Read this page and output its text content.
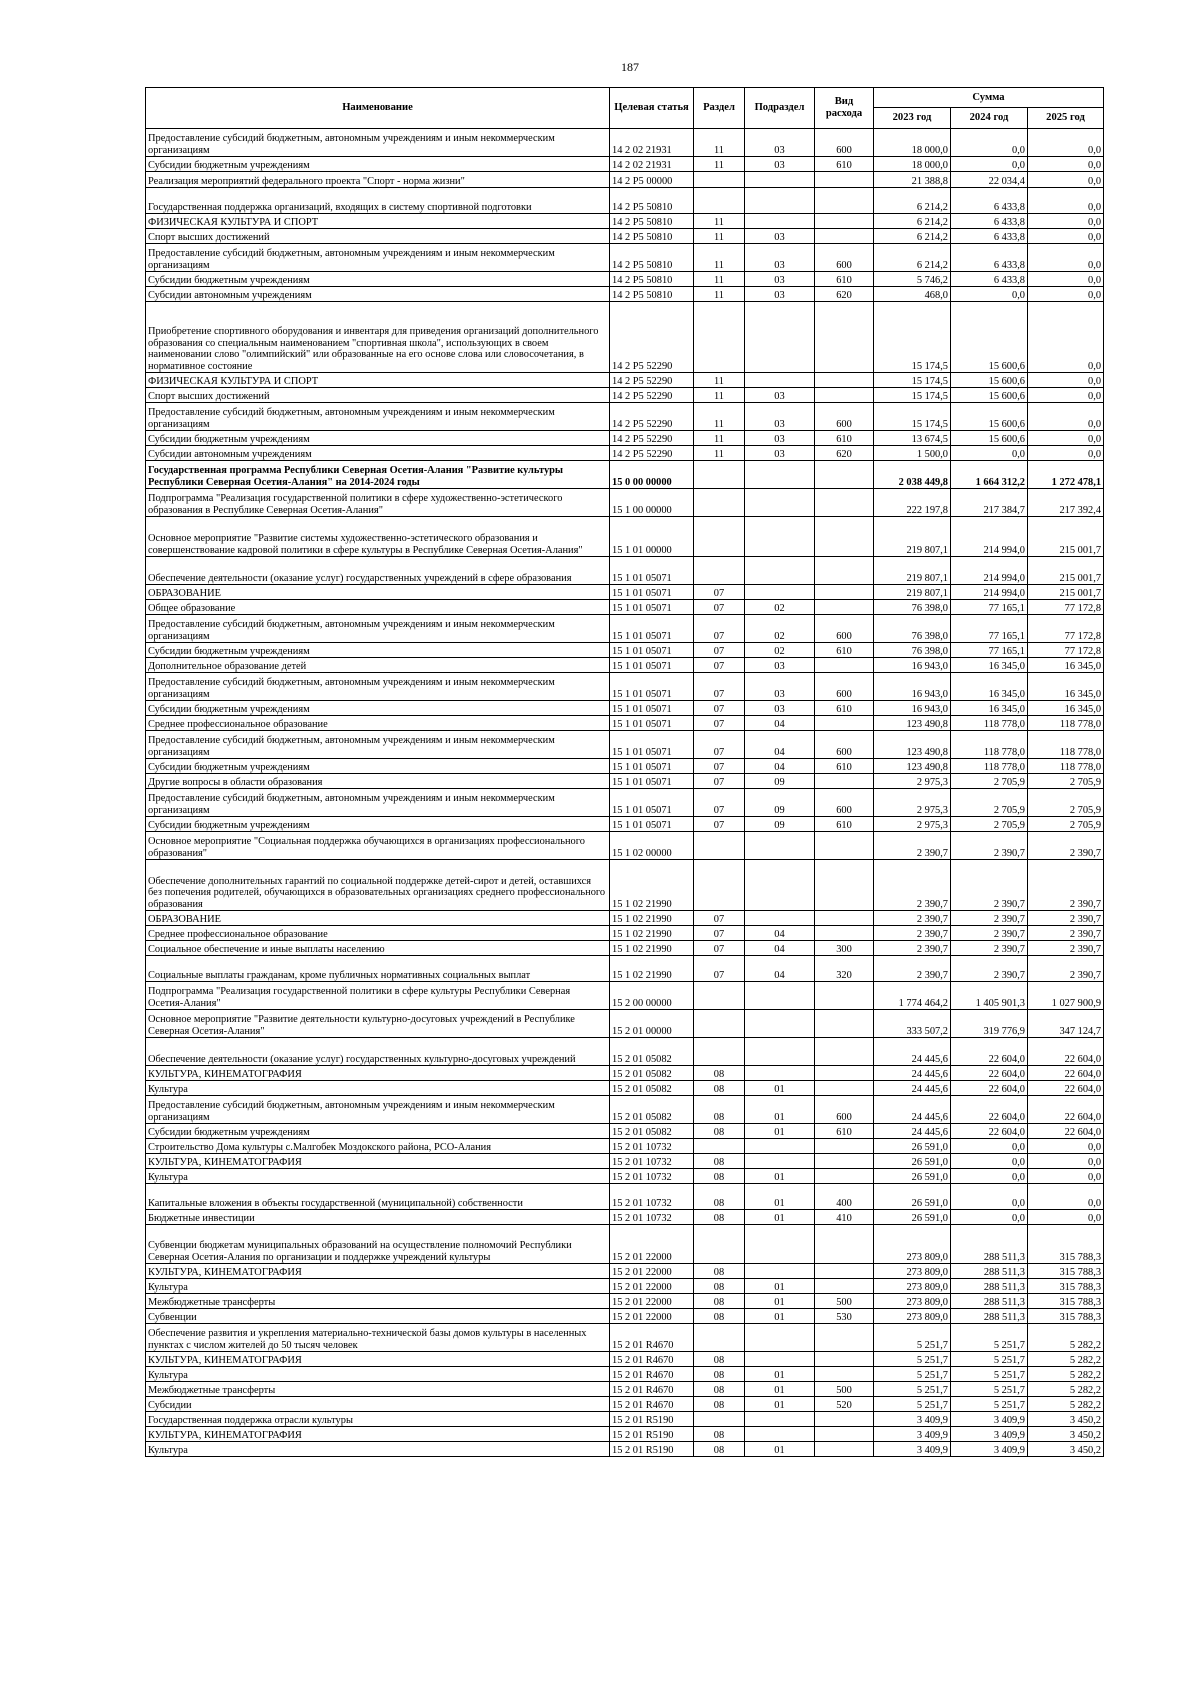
187
Наименование	Целевая статья	Раздел	Подраздел	Вид расхода	Сумма		
					2023 год	2024 год	2025 год
Предоставление субсидий бюджетным, автономным учреждениям и иным некоммерческим организациям	14 2 02 21931	11	03	600	18 000,0	0,0	0,0
Субсидии бюджетным учреждениям	14 2 02 21931	11	03	610	18 000,0	0,0	0,0
Реализация мероприятий федерального проекта "Спорт - норма жизни"	14 2 P5 00000				21 388,8	22 034,4	0,0
Государственная поддержка организаций, входящих в систему спортивной подготовки	14 2 P5 50810				6 214,2	6 433,8	0,0
ФИЗИЧЕСКАЯ КУЛЬТУРА И СПОРТ	14 2 P5 50810	11			6 214,2	6 433,8	0,0
Спорт высших достижений	14 2 P5 50810	11	03		6 214,2	6 433,8	0,0
Предоставление субсидий бюджетным, автономным учреждениям и иным некоммерческим организациям	14 2 P5 50810	11	03	600	6 214,2	6 433,8	0,0
Субсидии бюджетным учреждениям	14 2 P5 50810	11	03	610	5 746,2	6 433,8	0,0
Субсидии автономным учреждениям	14 2 P5 50810	11	03	620	468,0	0,0	0,0
Приобретение спортивного оборудования и инвентаря для приведения организаций дополнительного образования со специальным наименованием "спортивная школа", использующих в своем наименовании слово "олимпийский" или образованные на его основе слова или словосочетания, в нормативное состояние	14 2 P5 52290				15 174,5	15 600,6	0,0
ФИЗИЧЕСКАЯ КУЛЬТУРА И СПОРТ	14 2 P5 52290	11			15 174,5	15 600,6	0,0
Спорт высших достижений	14 2 P5 52290	11	03		15 174,5	15 600,6	0,0
Предоставление субсидий бюджетным, автономным учреждениям и иным некоммерческим организациям	14 2 P5 52290	11	03	600	15 174,5	15 600,6	0,0
Субсидии бюджетным учреждениям	14 2 P5 52290	11	03	610	13 674,5	15 600,6	0,0
Субсидии автономным учреждениям	14 2 P5 52290	11	03	620	1 500,0	0,0	0,0
Государственная программа Республики Северная Осетия-Алания "Развитие культуры Республики Северная Осетия-Алания" на 2014-2024 годы	15 0 00 00000				2 038 449,8	1 664 312,2	1 272 478,1
Подпрограмма "Реализация государственной политики в сфере художественно-эстетического образования в Республике Северная Осетия-Алания"	15 1 00 00000				222 197,8	217 384,7	217 392,4
Основное мероприятие "Развитие системы художественно-эстетического образования и совершенствование кадровой политики в сфере культуры в Республике Северная Осетия-Алания"	15 1 01 00000				219 807,1	214 994,0	215 001,7
Обеспечение деятельности (оказание услуг) государственных учреждений в сфере образования	15 1 01 05071				219 807,1	214 994,0	215 001,7
ОБРАЗОВАНИЕ	15 1 01 05071	07			219 807,1	214 994,0	215 001,7
Общее образование	15 1 01 05071	07	02		76 398,0	77 165,1	77 172,8
Предоставление субсидий бюджетным, автономным учреждениям и иным некоммерческим организациям	15 1 01 05071	07	02	600	76 398,0	77 165,1	77 172,8
Субсидии бюджетным учреждениям	15 1 01 05071	07	02	610	76 398,0	77 165,1	77 172,8
Дополнительное образование детей	15 1 01 05071	07	03		16 943,0	16 345,0	16 345,0
Предоставление субсидий бюджетным, автономным учреждениям и иным некоммерческим организациям	15 1 01 05071	07	03	600	16 943,0	16 345,0	16 345,0
Субсидии бюджетным учреждениям	15 1 01 05071	07	03	610	16 943,0	16 345,0	16 345,0
Среднее профессиональное образование	15 1 01 05071	07	04		123 490,8	118 778,0	118 778,0
Предоставление субсидий бюджетным, автономным учреждениям и иным некоммерческим организациям	15 1 01 05071	07	04	600	123 490,8	118 778,0	118 778,0
Субсидии бюджетным учреждениям	15 1 01 05071	07	04	610	123 490,8	118 778,0	118 778,0
Другие вопросы в области образования	15 1 01 05071	07	09		2 975,3	2 705,9	2 705,9
Предоставление субсидий бюджетным, автономным учреждениям и иным некоммерческим организациям	15 1 01 05071	07	09	600	2 975,3	2 705,9	2 705,9
Субсидии бюджетным учреждениям	15 1 01 05071	07	09	610	2 975,3	2 705,9	2 705,9
Основное мероприятие "Социальная поддержка обучающихся в организациях профессионального образования"	15 1 02 00000				2 390,7	2 390,7	2 390,7
Обеспечение дополнительных гарантий по социальной поддержке детей-сирот и детей, оставшихся без попечения родителей, обучающихся в образовательных организациях среднего профессионального образования	15 1 02 21990				2 390,7	2 390,7	2 390,7
ОБРАЗОВАНИЕ	15 1 02 21990	07			2 390,7	2 390,7	2 390,7
Среднее профессиональное образование	15 1 02 21990	07	04		2 390,7	2 390,7	2 390,7
Социальное обеспечение и иные выплаты населению	15 1 02 21990	07	04	300	2 390,7	2 390,7	2 390,7
Социальные выплаты гражданам, кроме публичных нормативных социальных выплат	15 1 02 21990	07	04	320	2 390,7	2 390,7	2 390,7
Подпрограмма "Реализация государственной политики в сфере культуры Республики Северная Осетия-Алания"	15 2 00 00000				1 774 464,2	1 405 901,3	1 027 900,9
Основное мероприятие "Развитие деятельности культурно-досуговых учреждений в Республике Северная Осетия-Алания"	15 2 01 00000				333 507,2	319 776,9	347 124,7
Обеспечение деятельности (оказание услуг) государственных культурно-досуговых учреждений	15 2 01 05082				24 445,6	22 604,0	22 604,0
КУЛЬТУРА, КИНЕМАТОГРАФИЯ	15 2 01 05082	08			24 445,6	22 604,0	22 604,0
Культура	15 2 01 05082	08	01		24 445,6	22 604,0	22 604,0
Предоставление субсидий бюджетным, автономным учреждениям и иным некоммерческим организациям	15 2 01 05082	08	01	600	24 445,6	22 604,0	22 604,0
Субсидии бюджетным учреждениям	15 2 01 05082	08	01	610	24 445,6	22 604,0	22 604,0
Строительство Дома культуры с.Малгобек Моздокского района, РСО-Алания	15 2 01 10732				26 591,0	0,0	0,0
КУЛЬТУРА, КИНЕМАТОГРАФИЯ	15 2 01 10732	08			26 591,0	0,0	0,0
Культура	15 2 01 10732	08	01		26 591,0	0,0	0,0
Капитальные вложения в объекты государственной (муниципальной) собственности	15 2 01 10732	08	01	400	26 591,0	0,0	0,0
Бюджетные инвестиции	15 2 01 10732	08	01	410	26 591,0	0,0	0,0
Субвенции бюджетам муниципальных образований на осуществление полномочий Республики Северная Осетия-Алания по организации и поддержке учреждений культуры	15 2 01 22000				273 809,0	288 511,3	315 788,3
КУЛЬТУРА, КИНЕМАТОГРАФИЯ	15 2 01 22000	08			273 809,0	288 511,3	315 788,3
Культура	15 2 01 22000	08	01		273 809,0	288 511,3	315 788,3
Межбюджетные трансферты	15 2 01 22000	08	01	500	273 809,0	288 511,3	315 788,3
Субвенции	15 2 01 22000	08	01	530	273 809,0	288 511,3	315 788,3
Обеспечение развития и укрепления материально-технической базы домов культуры в населенных пунктах с числом жителей до 50 тысяч человек	15 2 01 R4670				5 251,7	5 251,7	5 282,2
КУЛЬТУРА, КИНЕМАТОГРАФИЯ	15 2 01 R4670	08			5 251,7	5 251,7	5 282,2
Культура	15 2 01 R4670	08	01		5 251,7	5 251,7	5 282,2
Межбюджетные трансферты	15 2 01 R4670	08	01	500	5 251,7	5 251,7	5 282,2
Субсидии	15 2 01 R4670	08	01	520	5 251,7	5 251,7	5 282,2
Государственная поддержка отрасли культуры	15 2 01 R5190				3 409,9	3 409,9	3 450,2
КУЛЬТУРА, КИНЕМАТОГРАФИЯ	15 2 01 R5190	08			3 409,9	3 409,9	3 450,2
Культура	15 2 01 R5190	08	01		3 409,9	3 409,9	3 450,2
